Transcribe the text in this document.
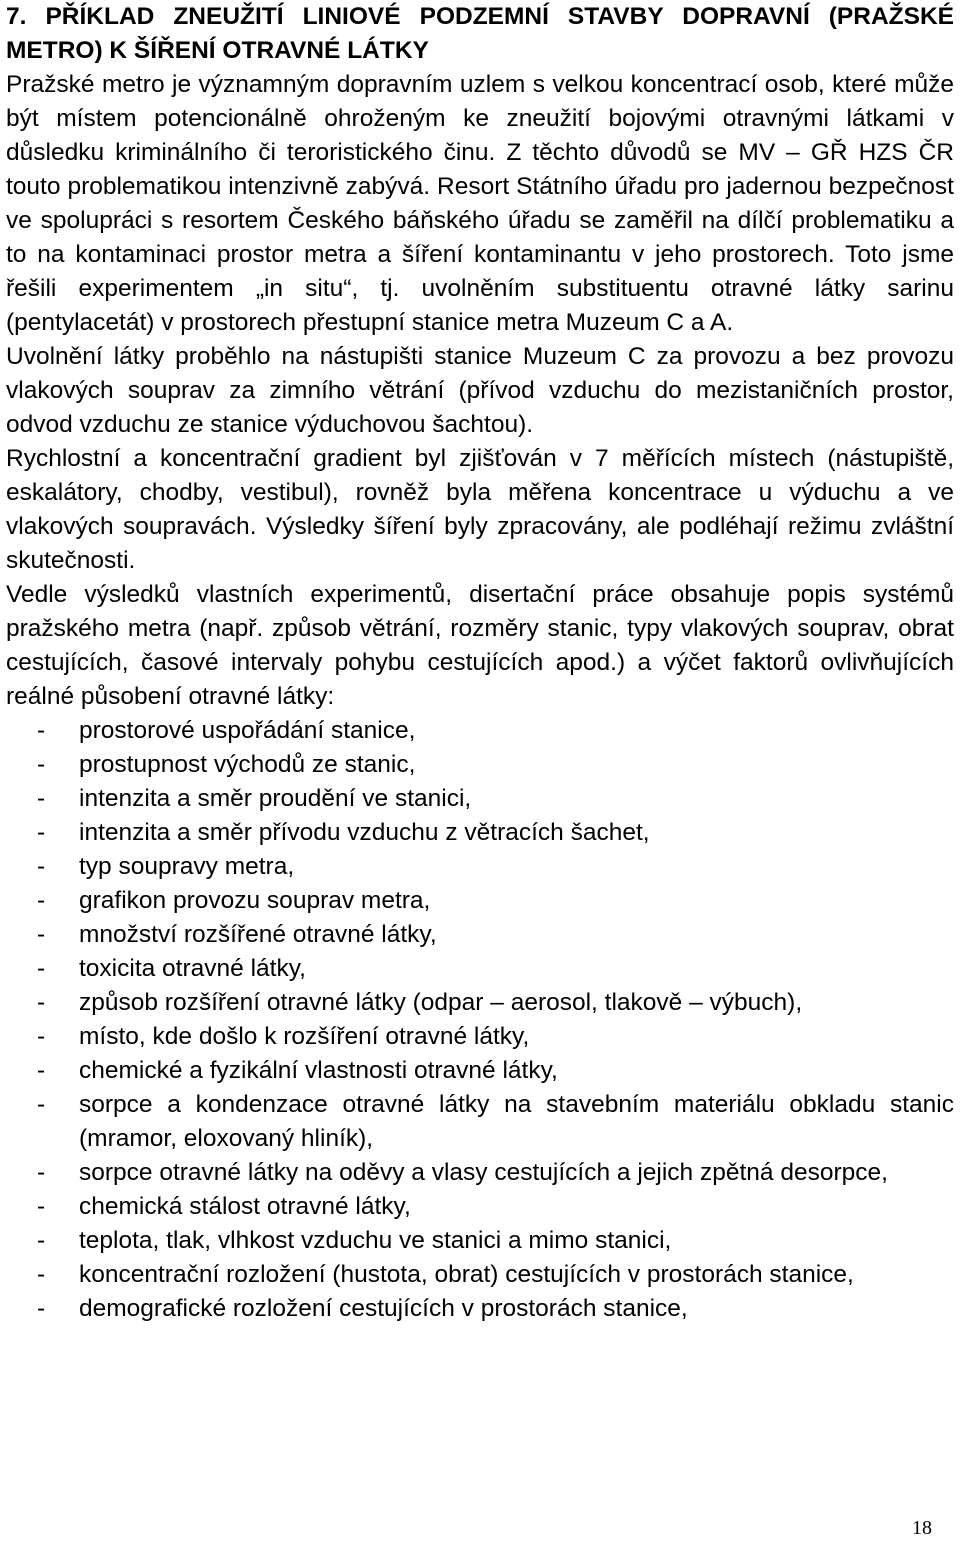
7. PŘÍKLAD ZNEUŽITÍ LINIOVÉ PODZEMNÍ STAVBY DOPRAVNÍ (PRAŽSKÉ METRO) K ŠÍŘENÍ OTRAVNÉ LÁTKY

Pražské metro je významným dopravním uzlem s velkou koncentrací osob, které může být místem potencionálně ohroženým ke zneužití bojovými otravnými látkami v důsledku kriminálního či teroristického činu. Z těchto důvodů se MV – GŘ HZS ČR touto problematikou intenzivně zabývá. Resort Státního úřadu pro jadernou bezpečnost ve spolupráci s resortem Českého báňského úřadu se zaměřil na dílčí problematiku a to na kontaminaci prostor metra a šíření kontaminantu v jeho prostorech. Toto jsme řešili experimentem „in situ“, tj. uvolněním substituentu otravné látky sarinu (pentylacetát) v prostorech přestupní stanice metra Muzeum C a A.

Uvolnění látky proběhlo na nástupišti stanice Muzeum C za provozu a bez provozu vlakových souprav za zimního větrání (přívod vzduchu do mezistaničních prostor, odvod vzduchu ze stanice výduchovou šachtou).

Rychlostní a koncentrační gradient byl zjišťován v 7 měřících místech (nástupiště, eskalátory, chodby, vestibul), rovněž byla měřena koncentrace u výduchu a ve vlakových soupravách. Výsledky šíření byly zpracovány, ale podléhají režimu zvláštní skutečnosti.

Vedle výsledků vlastních experimentů, disertační práce obsahuje popis systémů pražského metra (např. způsob větrání, rozměry stanic, typy vlakových souprav, obrat cestujících, časové intervaly pohybu cestujících apod.) a výčet faktorů ovlivňujících reálné působení otravné látky:

- prostorové uspořádání stanice,
- prostupnost východů ze stanic,
- intenzita a směr proudění ve stanici,
- intenzita a směr přívodu vzduchu z větracích šachet,
- typ soupravy metra,
- grafikon provozu souprav metra,
- množství rozšířené otravné látky,
- toxicita otravné látky,
- způsob rozšíření otravné látky (odpar – aerosol, tlakově – výbuch),
- místo, kde došlo k rozšíření otravné látky,
- chemické a fyzikální vlastnosti otravné látky,
- sorpce a kondenzace otravné látky na stavebním materiálu obkladu stanic (mramor, eloxovaný hliník),
- sorpce otravné látky na oděvy a vlasy cestujících a jejich zpětná desorpce,
- chemická stálost otravné látky,
- teplota, tlak, vlhkost vzduchu ve stanici a mimo stanici,
- koncentrační rozložení (hustota, obrat) cestujících v prostorách stanice,
- demografické rozložení cestujících v prostorách stanice,
18
